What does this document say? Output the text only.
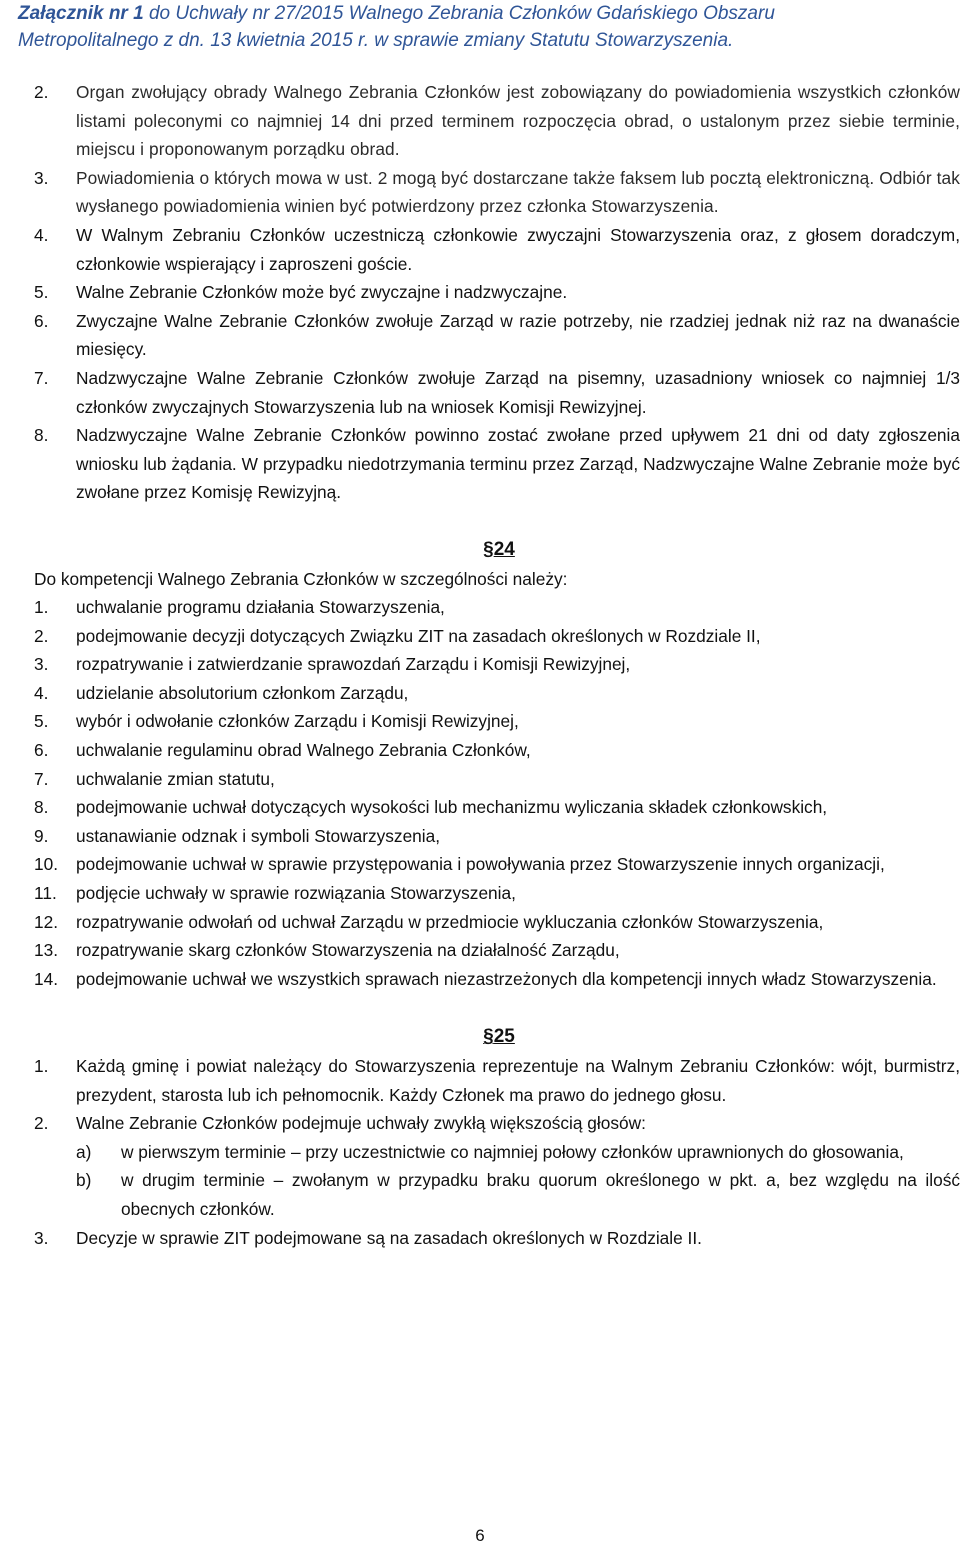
Załącznik nr 1 do Uchwały nr 27/2015 Walnego Zebrania Członków Gdańskiego Obszaru
Metropolitalnego z dn. 13 kwietnia 2015 r. w sprawie zmiany Statutu Stowarzyszenia.
2.	Organ zwołujący obrady Walnego Zebrania Członków jest zobowiązany do powiadomienia wszystkich członków listami poleconymi co najmniej 14 dni przed terminem rozpoczęcia obrad, o ustalonym przez siebie terminie, miejscu i proponowanym porządku obrad.
3.	Powiadomienia o których mowa w ust. 2 mogą być dostarczane także faksem lub pocztą elektroniczną. Odbiór tak wysłanego powiadomienia winien być potwierdzony przez członka Stowarzyszenia.
4.	W Walnym Zebraniu Członków uczestniczą członkowie zwyczajni Stowarzyszenia oraz, z głosem doradczym, członkowie wspierający i zaproszeni goście.
5.	Walne Zebranie Członków może być zwyczajne i nadzwyczajne.
6.	Zwyczajne Walne Zebranie Członków zwołuje Zarząd w razie potrzeby, nie rzadziej jednak niż raz na dwanaście miesięcy.
7.	Nadzwyczajne Walne Zebranie Członków zwołuje Zarząd na pisemny, uzasadniony wniosek co najmniej 1/3 członków zwyczajnych Stowarzyszenia lub na wniosek Komisji Rewizyjnej.
8.	Nadzwyczajne Walne Zebranie Członków powinno zostać zwołane przed upływem 21 dni od daty zgłoszenia wniosku lub żądania. W przypadku niedotrzymania terminu przez Zarząd, Nadzwyczajne Walne Zebranie może być zwołane przez Komisję Rewizyjną.
§24
Do kompetencji Walnego Zebrania Członków w szczególności należy:
1.	uchwalanie programu działania Stowarzyszenia,
2.	podejmowanie decyzji dotyczących Związku ZIT na zasadach określonych w Rozdziale II,
3.	rozpatrywanie i zatwierdzanie sprawozdań Zarządu i Komisji Rewizyjnej,
4.	udzielanie absolutorium członkom Zarządu,
5.	wybór i odwołanie członków Zarządu i Komisji Rewizyjnej,
6.	uchwalanie regulaminu obrad Walnego Zebrania Członków,
7.	uchwalanie zmian statutu,
8.	podejmowanie uchwał dotyczących wysokości lub mechanizmu wyliczania składek członkowskich,
9.	ustanawianie odznak i symboli Stowarzyszenia,
10.	podejmowanie uchwał w sprawie przystępowania i powoływania przez Stowarzyszenie innych organizacji,
11.	podjęcie uchwały w sprawie rozwiązania Stowarzyszenia,
12.	rozpatrywanie odwołań od uchwał Zarządu w przedmiocie wykluczania członków Stowarzyszenia,
13.	rozpatrywanie skarg członków Stowarzyszenia na działalność Zarządu,
14.	podejmowanie uchwał we wszystkich sprawach niezastrzeżonych dla kompetencji innych władz Stowarzyszenia.
§25
1.	Każdą gminę i powiat należący do Stowarzyszenia reprezentuje na Walnym Zebraniu Członków: wójt, burmistrz, prezydent, starosta lub ich pełnomocnik. Każdy Członek ma prawo do jednego głosu.
2.	Walne Zebranie Członków podejmuje uchwały zwykłą większością głosów:
a)	w pierwszym terminie – przy uczestnictwie co najmniej połowy członków uprawnionych do głosowania,
b)	w drugim terminie – zwołanym w przypadku braku quorum określonego w pkt. a, bez względu na ilość obecnych członków.
3.	Decyzje w sprawie ZIT podejmowane są na zasadach określonych w Rozdziale II.
6
